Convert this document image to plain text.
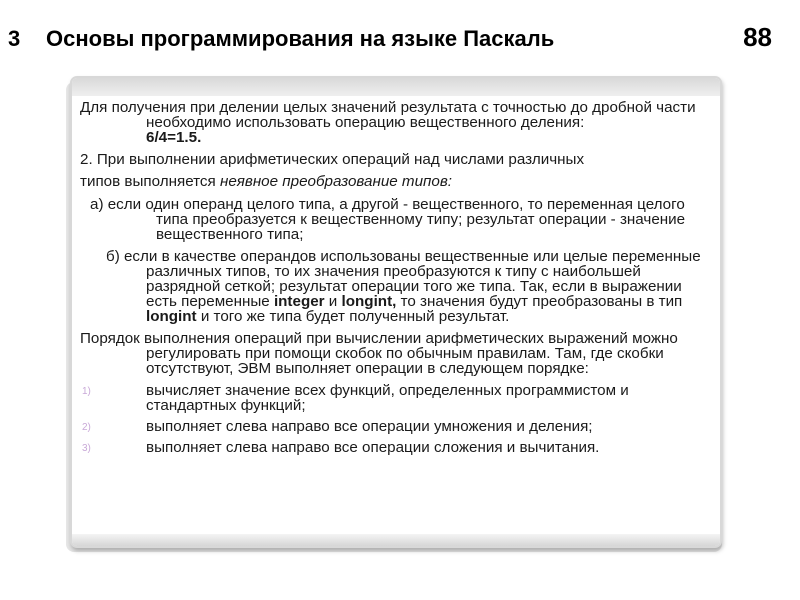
3 Основы программирования на языке Паскаль	88

Для получения при делении целых значений результата с точностью до дробной части необходимо использовать операцию вещественного деления:
6/4=1.5.

2. При выполнении арифметических операций над числами различных

типов выполняется неявное преобразование типов:

а) если один операнд целого типа, а другой - вещественного, то переменная целого типа преобразуется к вещественному типу; результат операции - значение вещественного типа;

б) если в качестве операндов использованы вещественные или целые переменные различных типов, то их значения преобразуются к типу с наибольшей разрядной сеткой; результат операции того же типа. Так, если в выражении есть переменные integer и longint, то значения будут преобразованы в тип longint и того же типа будет полученный результат.

Порядок выполнения операций при вычислении арифметических выражений можно регулировать при помощи скобок по обычным правилам. Там, где скобки отсутствуют, ЭВМ выполняет операции в следующем порядке:

1)	вычисляет значение всех функций, определенных программистом и стандартных функций;
2)	выполняет слева направо все операции умножения и деления;
3)	выполняет слева направо все операции сложения и вычитания.
